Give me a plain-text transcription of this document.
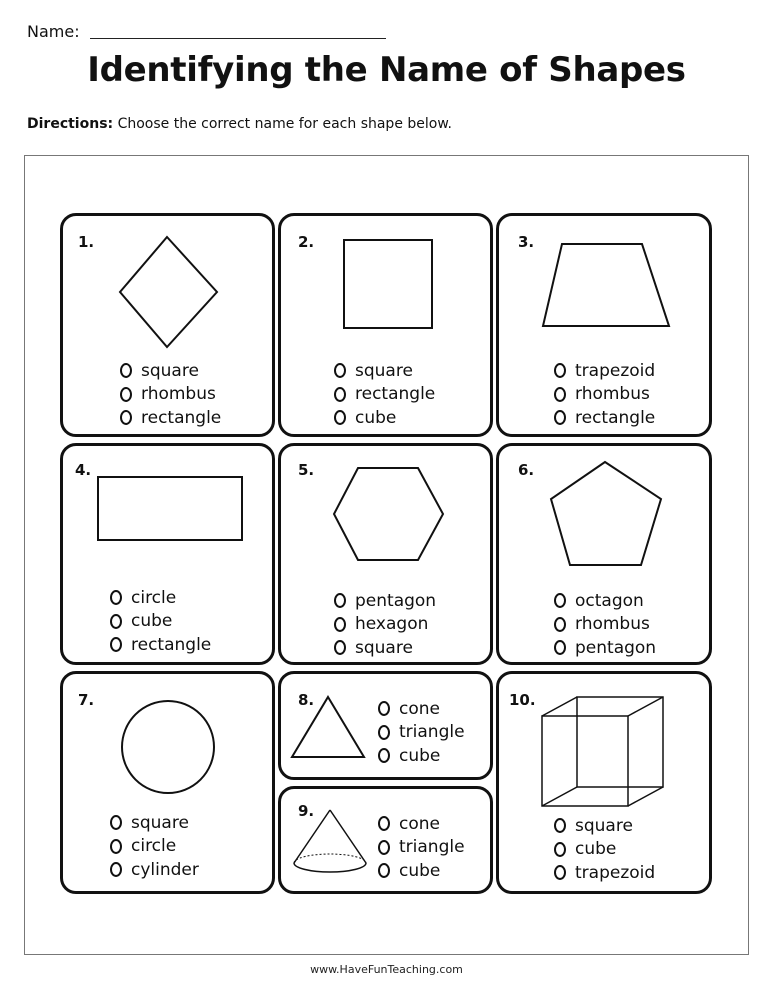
Name:
Identifying the Name of Shapes
Directions: Choose the correct name for each shape below.
1.
square
rhombus
rectangle
2.
square
rectangle
cube
3.
trapezoid
rhombus
rectangle
4.
circle
cube
rectangle
5.
pentagon
hexagon
square
6.
octagon
rhombus
pentagon
7.
square
circle
cylinder
8.	cone
triangle
cube
9.
cone
triangle
cube
10.
square
cube
trapezoid
www.HaveFunTeaching.com
